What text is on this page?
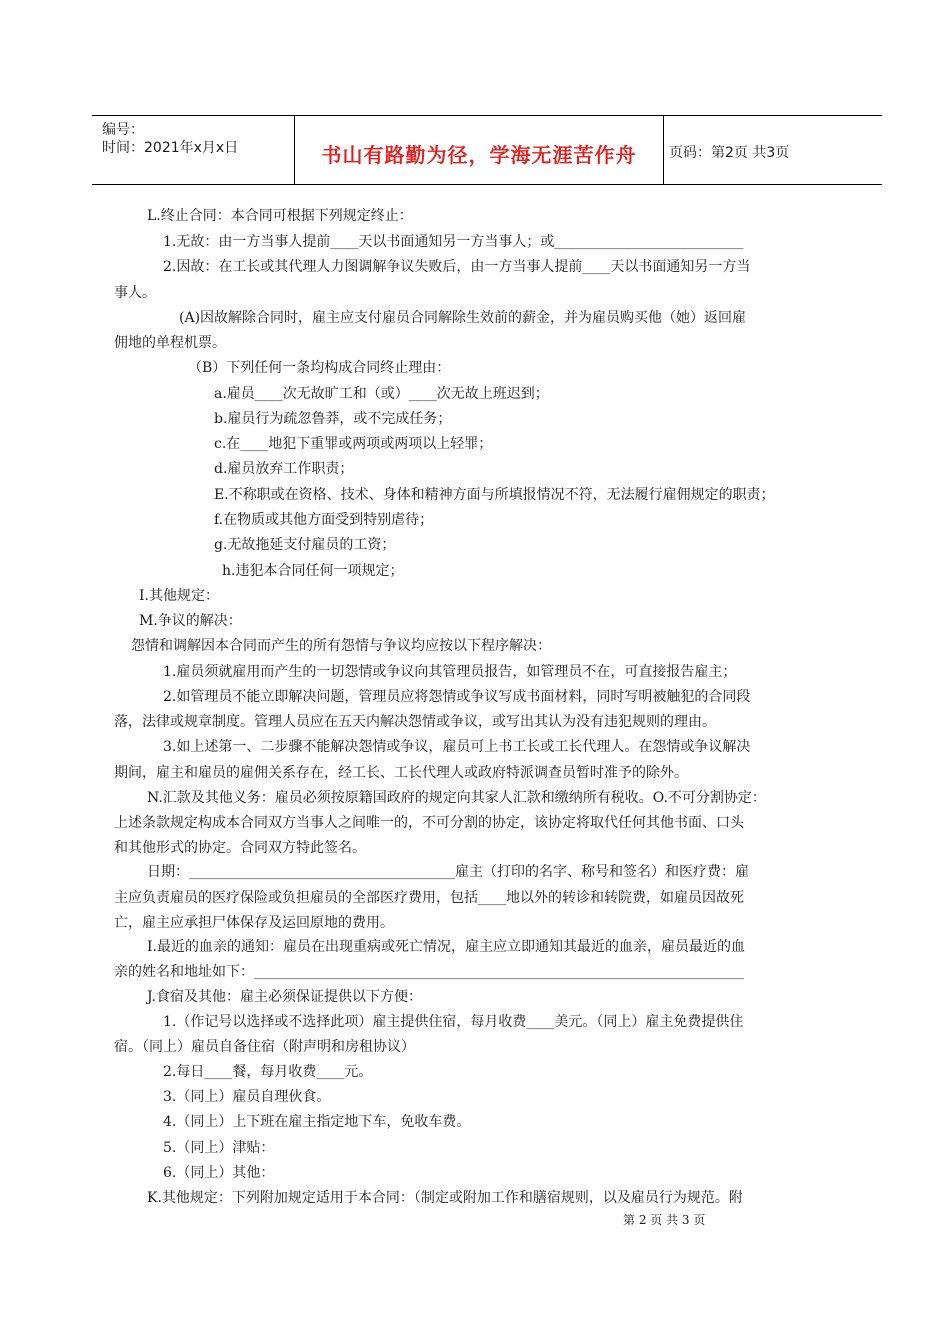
编号：
时间：2021年x月x日	书山有路勤为径，学海无涯苦作舟	页码：第2页 共3页
L.终止合同：本合同可根据下列规定终止：
1.无故：由一方当事人提前____天以书面通知另一方当事人；或___________________________
2.因故：在工长或其代理人力图调解争议失败后，由一方当事人提前____天以书面通知另一方当
事人。
(A)因故解除合同时，雇主应支付雇员合同解除生效前的薪金，并为雇员购买他（她）返回雇
佣地的单程机票。
（B）下列任何一条均构成合同终止理由：
a.雇员____次无故旷工和（或）____次无故上班迟到；
b.雇员行为疏忽鲁莽，或不完成任务；
c.在____地犯下重罪或两项或两项以上轻罪；
d.雇员放弃工作职责；
E.不称职或在资格、技术、身体和精神方面与所填报情况不符，无法履行雇佣规定的职责；
f.在物质或其他方面受到特别虐待；
g.无故拖延支付雇员的工资；
h.违犯本合同任何一项规定；
I.其他规定：
M.争议的解决：
怨情和调解因本合同而产生的所有怨情与争议均应按以下程序解决：
1.雇员须就雇用而产生的一切怨情或争议向其管理员报告，如管理员不在，可直接报告雇主；
2.如管理员不能立即解决问题，管理员应将怨情或争议写成书面材料，同时写明被触犯的合同段
落，法律或规章制度。管理人员应在五天内解决怨情或争议，或写出其认为没有违犯规则的理由。
3.如上述第一、二步骤不能解决怨情或争议，雇员可上书工长或工长代理人。在怨情或争议解决
期间，雇主和雇员的雇佣关系存在，经工长、工长代理人或政府特派调查员暂时准予的除外。
N.汇款及其他义务：雇员必须按原籍国政府的规定向其家人汇款和缴纳所有税收。O.不可分割协定：
上述条款规定构成本合同双方当事人之间唯一的，不可分割的协定，该协定将取代任何其他书面、口头
和其他形式的协定。合同双方特此签名。
日期：______________________________________雇主（打印的名字、称号和签名）和医疗费：雇
主应负责雇员的医疗保险或负担雇员的全部医疗费用，包括____地以外的转诊和转院费，如雇员因故死
亡，雇主应承担尸体保存及运回原地的费用。
I.最近的血亲的通知：雇员在出现重病或死亡情况，雇主应立即通知其最近的血亲，雇员最近的血
亲的姓名和地址如下：______________________________________________________________________
J.食宿及其他：雇主必须保证提供以下方便：
1.（作记号以选择或不选择此项）雇主提供住宿，每月收费____美元。（同上）雇主免费提供住
宿。（同上）雇员自备住宿（附声明和房租协议）
2.每日____餐，每月收费____元。
3.（同上）雇员自理伙食。
4.（同上）上下班在雇主指定地下车，免收车费。
5.（同上）津贴：
6.（同上）其他：
K.其他规定：下列附加规定适用于本合同：（制定或附加工作和膳宿规则，以及雇员行为规范。附
第 2 页 共 3 页
